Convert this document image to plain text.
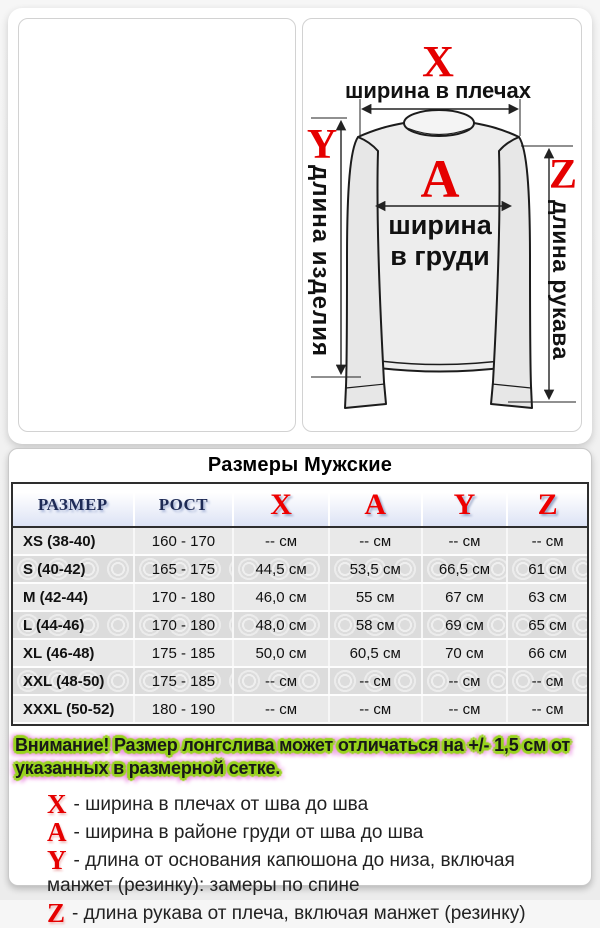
X
ширина в плечах
Y
длина изделия A
ширина
в груди
Z
длина рукава
Размеры Мужские
РАЗМЕР	РОСТ	X	A	Y	Z
XS (38-40)	160 - 170	-- см	-- см	-- см	-- см
S (40-42)	165 - 175	44,5 см	53,5 см	66,5 см	61 см
M (42-44)	170 - 180	46,0 см	55 см	67 см	63 см
L (44-46)	170 - 180	48,0 см	58 см	69 см	65 см
XL (46-48)	175 - 185	50,0 см	60,5 см	70 см	66 см
XXL (48-50)	175 - 185	-- см	-- см	-- см	-- см
XXXL (50-52)	180 - 190	-- см	-- см	-- см	-- см
Внимание! Размер лонгслива может отличаться на +/- 1,5 см от указанных в размерной сетке.
X - ширина в плечах от шва до шва
A - ширина в районе груди от шва до шва
Y - длина от основания капюшона до низа, включая манжет (резинку): замеры по спине
Z - длина рукава от плеча, включая манжет (резинку)
